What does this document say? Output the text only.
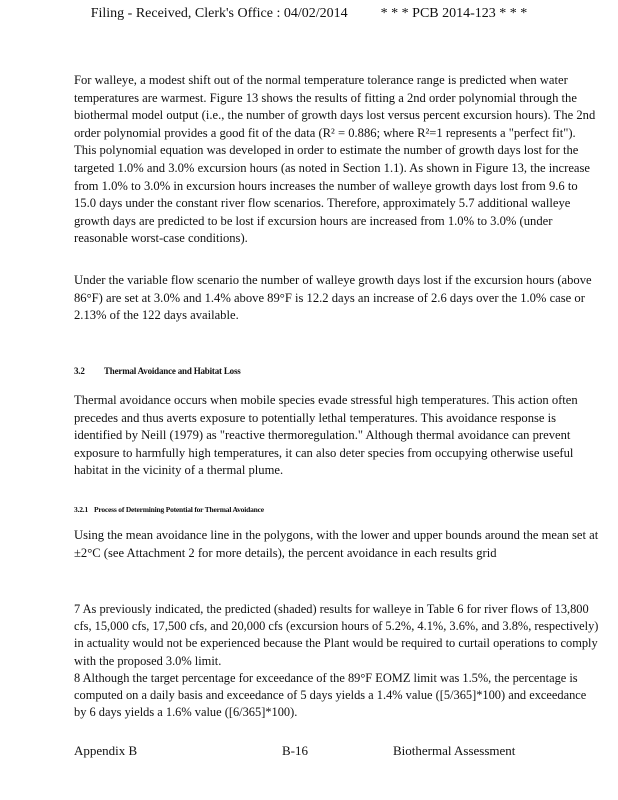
Filing - Received, Clerk's Office : 04/02/2014 * * * PCB 2014-123 * * *

For walleye, a modest shift out of the normal temperature tolerance range is predicted when water temperatures are warmest. Figure 13 shows the results of fitting a 2nd order polynomial through the biothermal model output (i.e., the number of growth days lost versus percent excursion hours). The 2nd order polynomial provides a good fit of the data (R² = 0.886; where R²=1 represents a "perfect fit"). This polynomial equation was developed in order to estimate the number of growth days lost for the targeted 1.0% and 3.0% excursion hours (as noted in Section 1.1). As shown in Figure 13, the increase from 1.0% to 3.0% in excursion hours increases the number of walleye growth days lost from 9.6 to 15.0 days under the constant river flow scenarios. Therefore, approximately 5.7 additional walleye growth days are predicted to be lost if excursion hours are increased from 1.0% to 3.0% (under reasonable worst-case conditions).

Under the variable flow scenario the number of walleye growth days lost if the excursion hours (above 86°F) are set at 3.0% and 1.4% above 89°F is 12.2 days an increase of 2.6 days over the 1.0% case or 2.13% of the 122 days available.

3.2 Thermal Avoidance and Habitat Loss

Thermal avoidance occurs when mobile species evade stressful high temperatures. This action often precedes and thus averts exposure to potentially lethal temperatures. This avoidance response is identified by Neill (1979) as "reactive thermoregulation." Although thermal avoidance can prevent exposure to harmfully high temperatures, it can also deter species from occupying otherwise useful habitat in the vicinity of a thermal plume.

3.2.1 Process of Determining Potential for Thermal Avoidance

Using the mean avoidance line in the polygons, with the lower and upper bounds around the mean set at ±2°C (see Attachment 2 for more details), the percent avoidance in each results grid

7 As previously indicated, the predicted (shaded) results for walleye in Table 6 for river flows of 13,800 cfs, 15,000 cfs, 17,500 cfs, and 20,000 cfs (excursion hours of 5.2%, 4.1%, 3.6%, and 3.8%, respectively) in actuality would not be experienced because the Plant would be required to curtail operations to comply with the proposed 3.0% limit.

8 Although the target percentage for exceedance of the 89°F EOMZ limit was 1.5%, the percentage is computed on a daily basis and exceedance of 5 days yields a 1.4% value ([5/365]*100) and exceedance by 6 days yields a 1.6% value ([6/365]*100).

Appendix B	B-16	Biothermal Assessment
